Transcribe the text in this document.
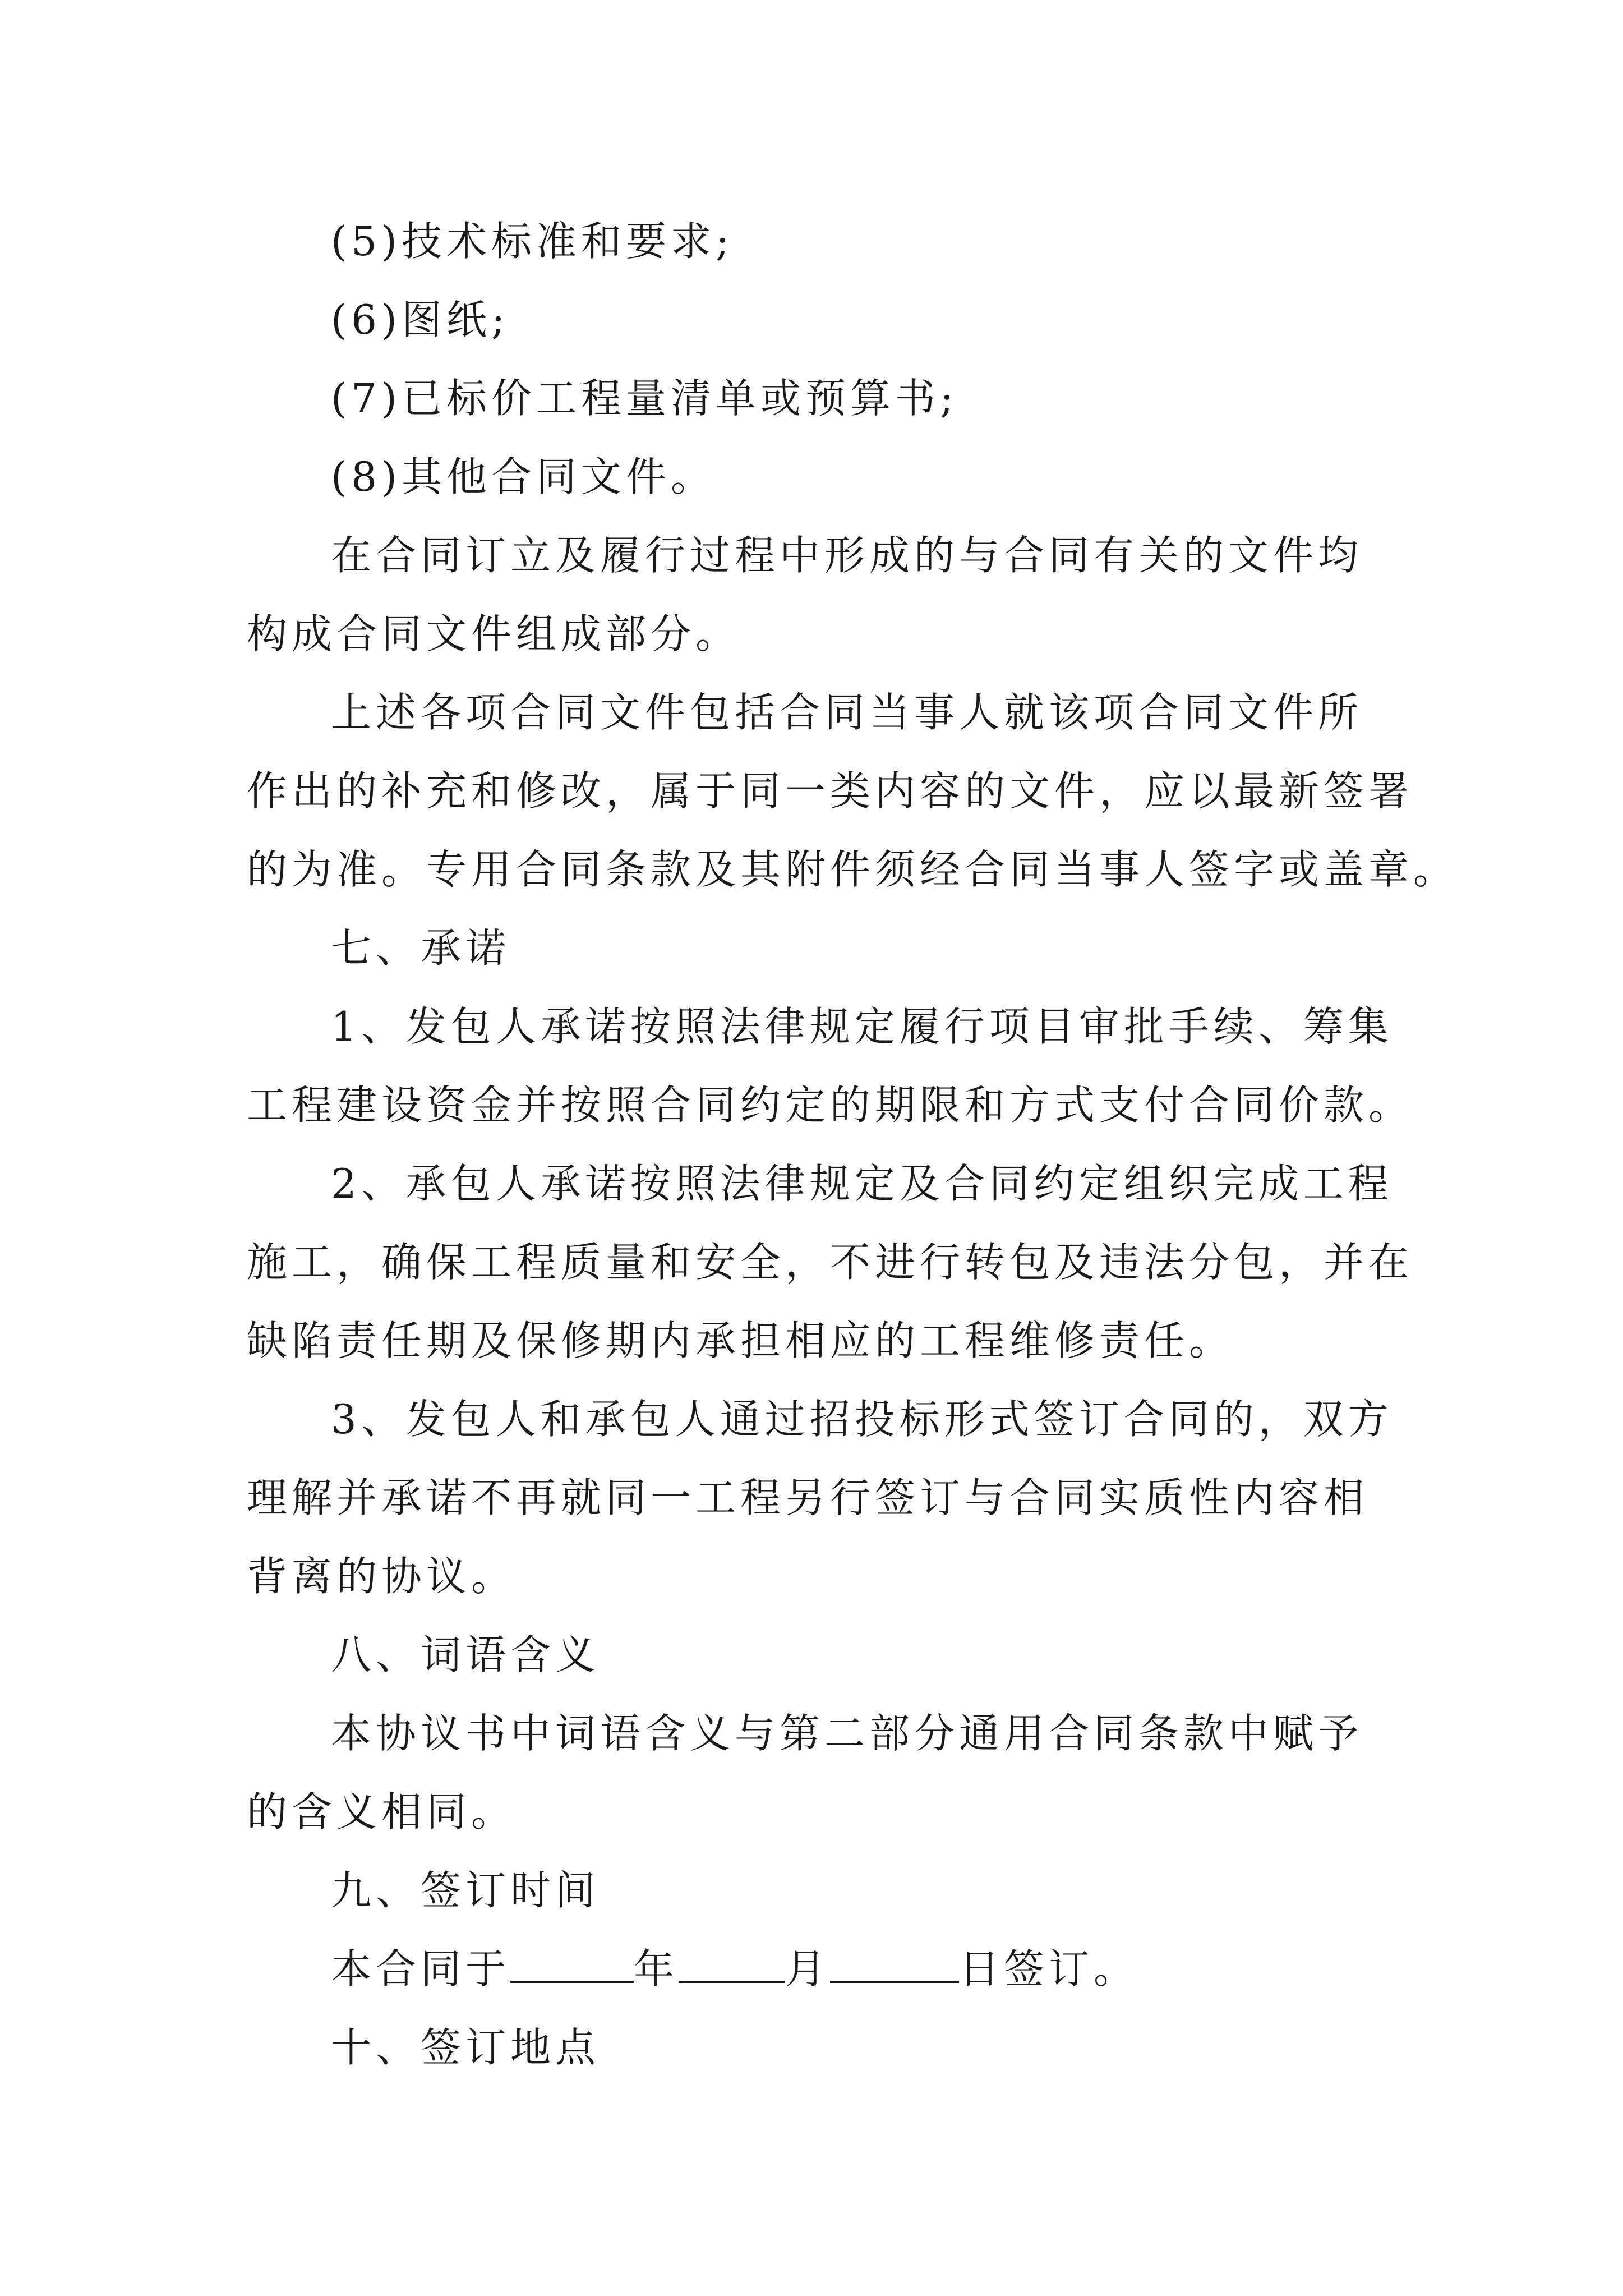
(5)技术标准和要求;
(6)图纸;
(7)已标价工程量清单或预算书;
(8)其他合同文件。
在合同订立及履行过程中形成的与合同有关的文件均
构成合同文件组成部分。
上述各项合同文件包括合同当事人就该项合同文件所
作出的补充和修改，属于同一类内容的文件，应以最新签署
的为准。专用合同条款及其附件须经合同当事人签字或盖章。
七、承诺
1、发包人承诺按照法律规定履行项目审批手续、筹集
工程建设资金并按照合同约定的期限和方式支付合同价款。
2、承包人承诺按照法律规定及合同约定组织完成工程
施工，确保工程质量和安全，不进行转包及违法分包，并在
缺陷责任期及保修期内承担相应的工程维修责任。
3、发包人和承包人通过招投标形式签订合同的，双方
理解并承诺不再就同一工程另行签订与合同实质性内容相
背离的协议。
八、词语含义
本协议书中词语含义与第二部分通用合同条款中赋予
的含义相同。
九、签订时间
本合同于	年	月	日签订。
十、签订地点
